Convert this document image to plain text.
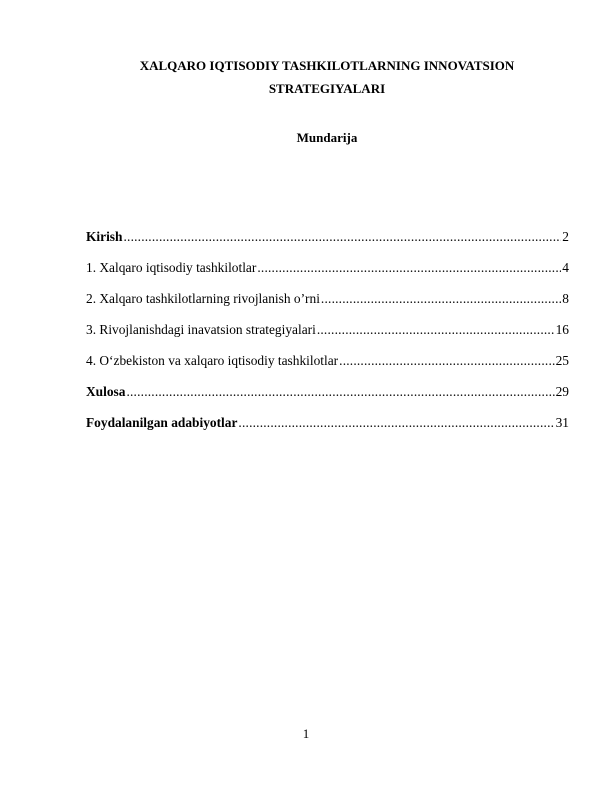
XALQARO IQTISODIY TASHKILOTLARNING INNOVATSION
STRATEGIYALARI
Mundarija
Kirish .....	2
1. Xalqaro iqtisodiy tashkilotlar .....	4
2. Xalqaro tashkilotlarning rivojlanish o’rni .....	8
3. Rivojlanishdagi inavatsion strategiyalari .....	16
4. O‘zbekiston va xalqaro iqtisodiy tashkilotlar .....	25
Xulosa .....	29
Foydalanilgan adabiyotlar .....	31
1
